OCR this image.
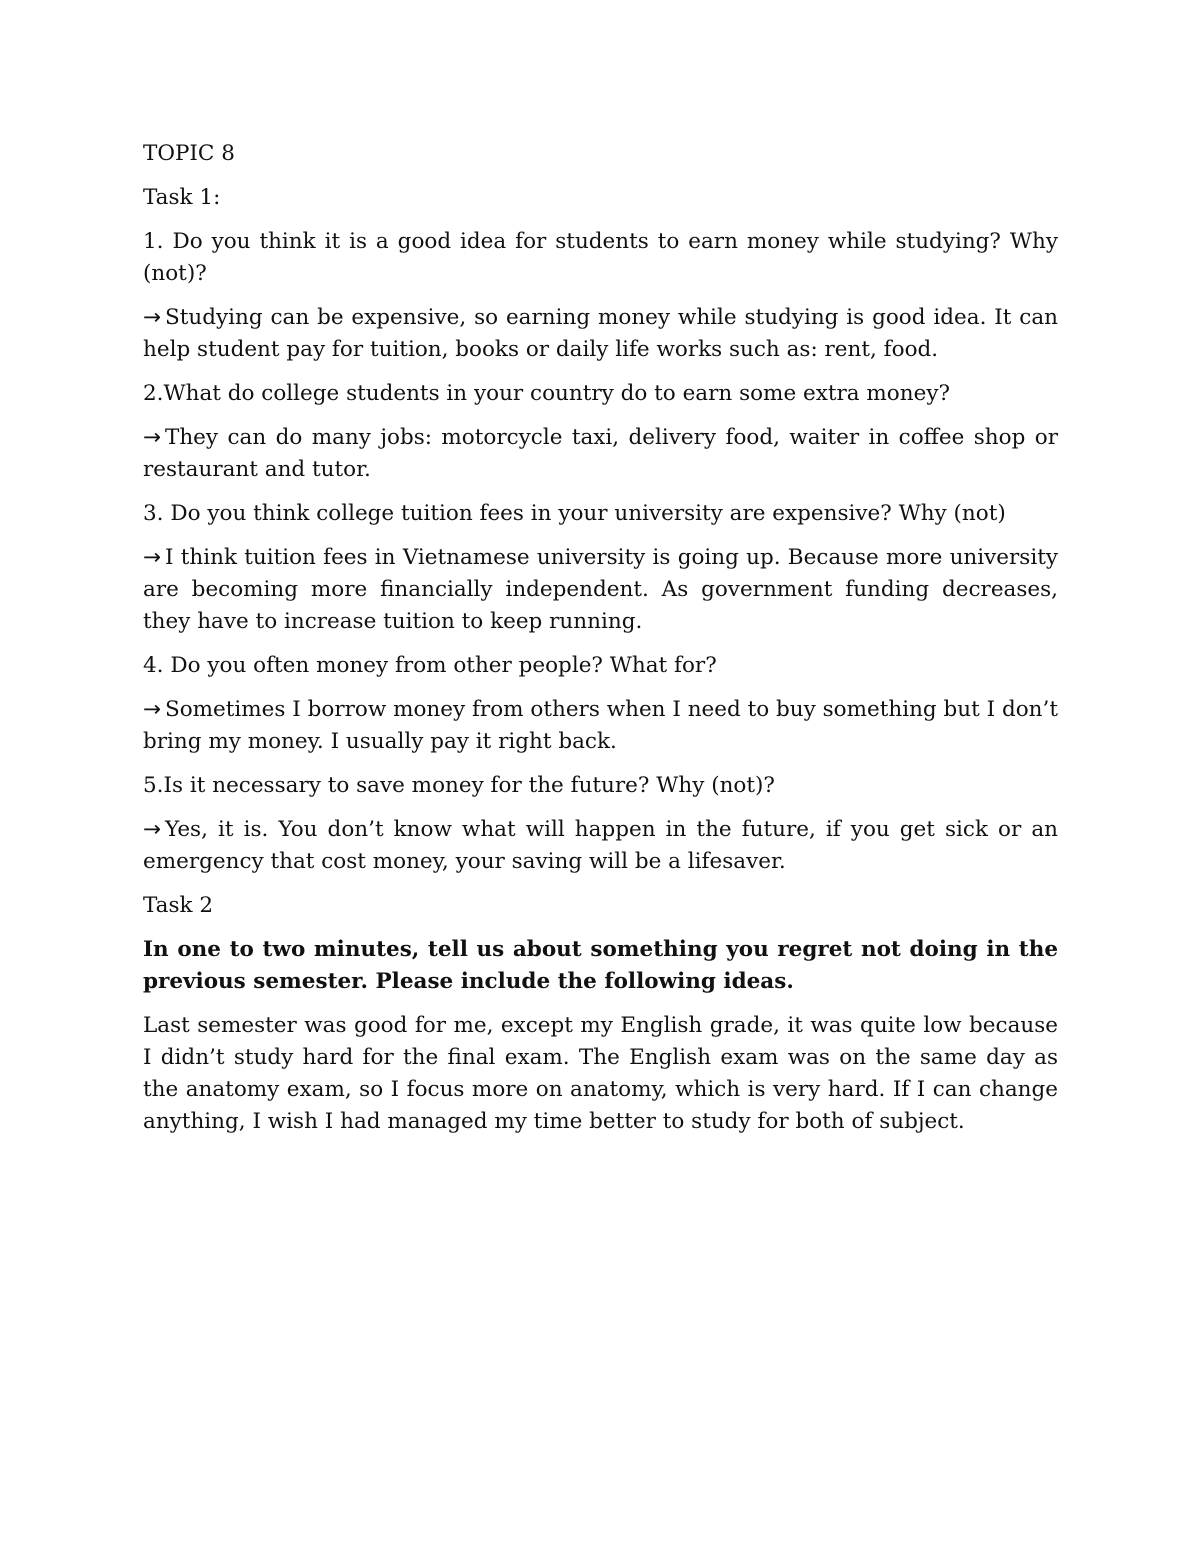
TOPIC 8

Task 1:

1. Do you think it is a good idea for students to earn money while studying? Why (not)?

→ Studying can be expensive, so earning money while studying is good idea. It can help student pay for tuition, books or daily life works such as: rent, food.

2.What do college students in your country do to earn some extra money?

→ They can do many jobs: motorcycle taxi, delivery food, waiter in coffee shop or restaurant and tutor.

3. Do you think college tuition fees in your university are expensive? Why (not)

→ I think tuition fees in Vietnamese university is going up. Because more university are becoming more financially independent. As government funding decreases, they have to increase tuition to keep running.

4. Do you often money from other people? What for?

→ Sometimes I borrow money from others when I need to buy something but I don’t bring my money. I usually pay it right back.

5.Is it necessary to save money for the future? Why (not)?

→ Yes, it is. You don’t know what will happen in the future, if you get sick or an emergency that cost money, your saving will be a lifesaver.

Task 2

In one to two minutes, tell us about something you regret not doing in the previous semester. Please include the following ideas.

Last semester was good for me, except my English grade, it was quite low because I didn’t study hard for the final exam. The English exam was on the same day as the anatomy exam, so I focus more on anatomy, which is very hard. If I can change anything, I wish I had managed my time better to study for both of subject.
